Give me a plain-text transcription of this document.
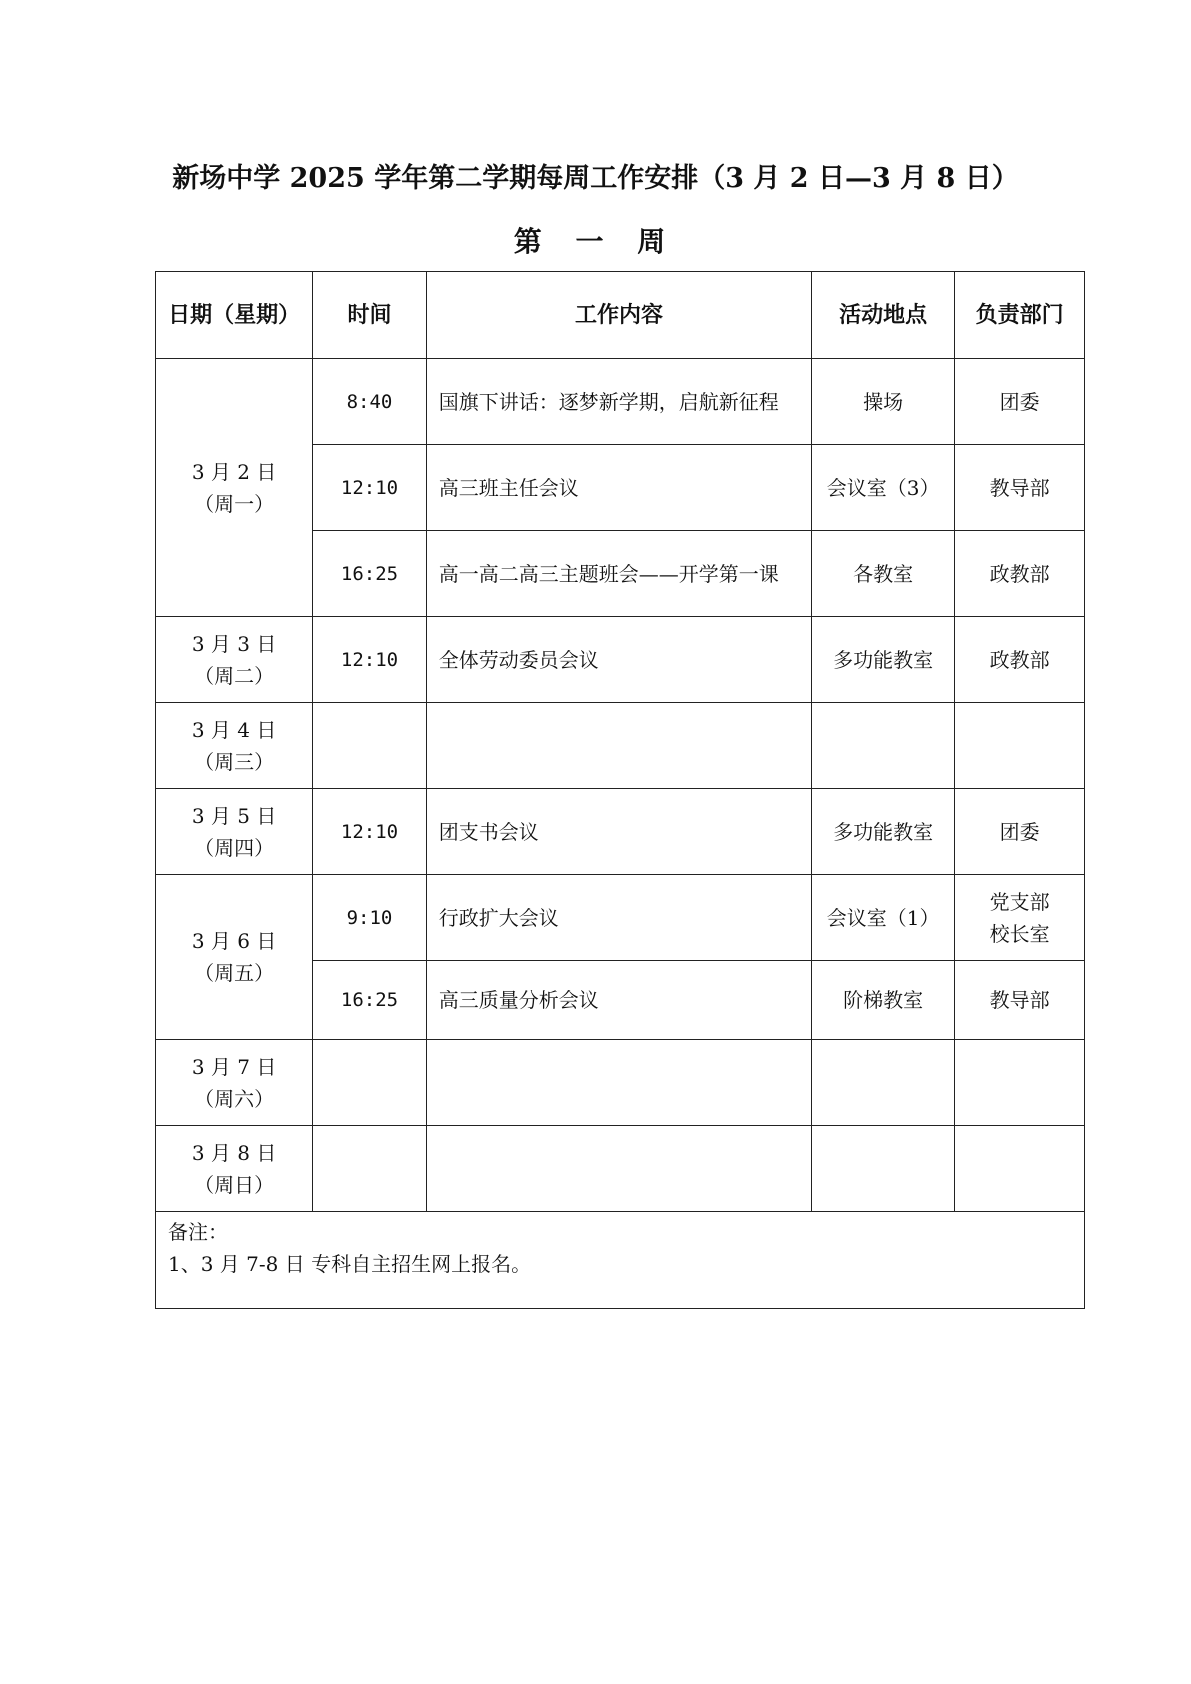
新场中学 2025 学年第二学期每周工作安排（3 月 2 日—3 月 8 日）
第 一 周
日期（星期）	时间	工作内容	活动地点	负责部门

3 月 2 日
（周一）	8:40	国旗下讲话：逐梦新学期，启航新征程	操场	团委
	12:10	高三班主任会议	会议室（3）	教导部
	16:25	高一高二高三主题班会——开学第一课	各教室	政教部

3 月 3 日
（周二）	12:10	全体劳动委员会议	多功能教室	政教部

3 月 4 日
（周三）				

3 月 5 日
（周四）	12:10	团支书会议	多功能教室	团委

3 月 6 日
（周五）	9:10	行政扩大会议	会议室（1）	党支部
校长室

	16:25	高三质量分析会议	阶梯教室	教导部

3 月 7 日
（周六）				

3 月 8 日
（周日）				

备注：
1、3 月 7-8 日 专科自主招生网上报名。				
